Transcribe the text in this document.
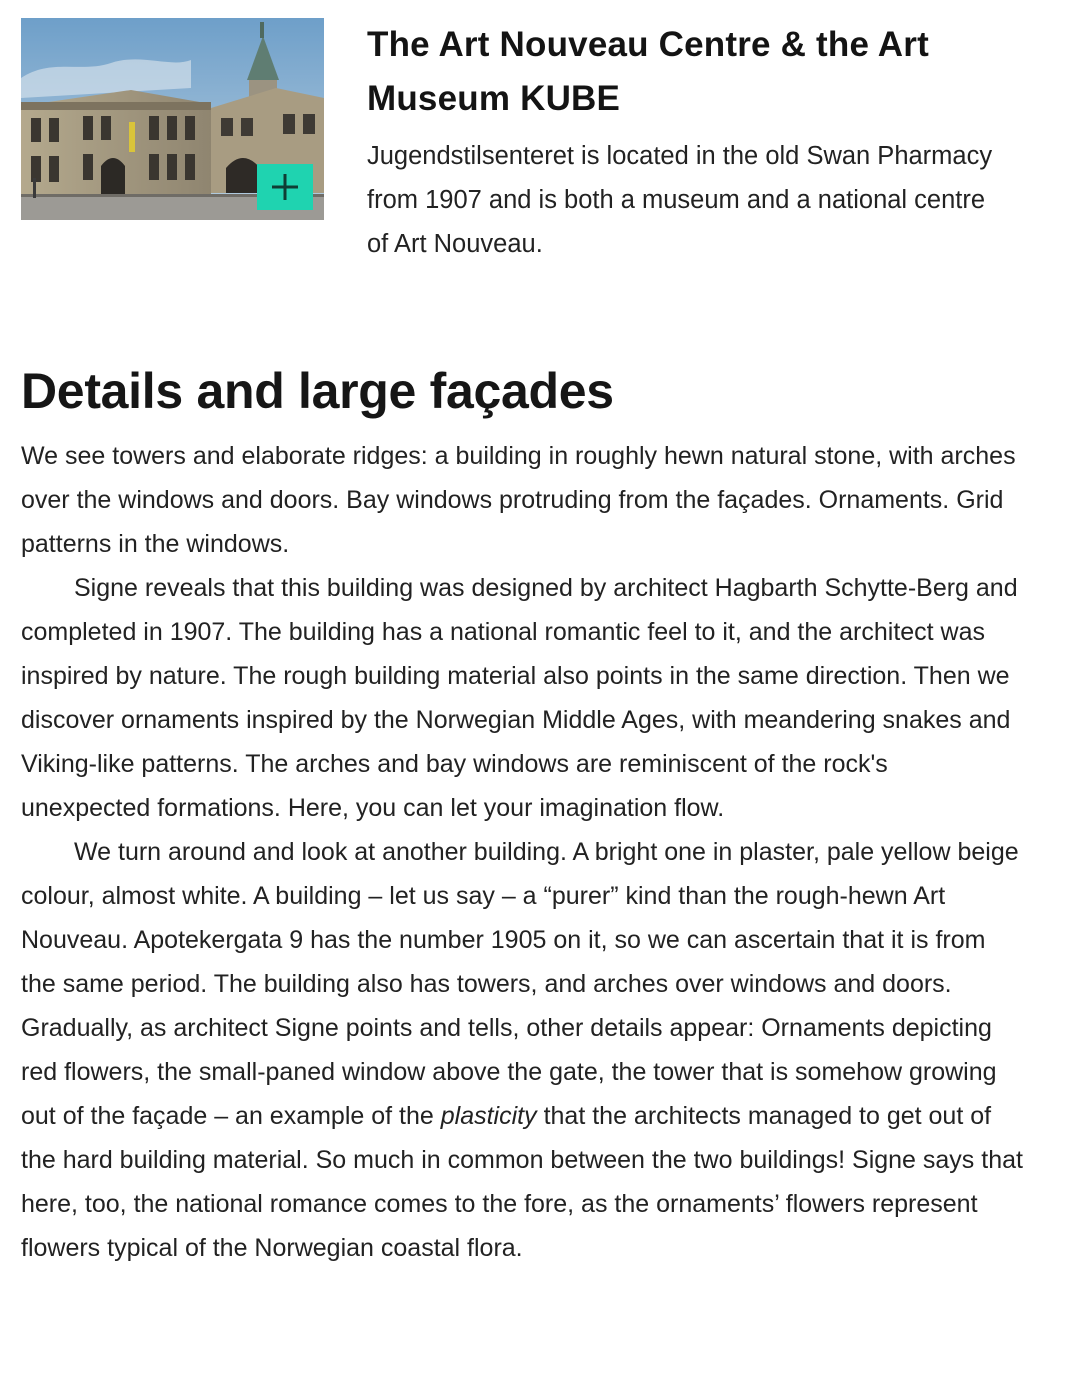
The Art Nouveau Centre & the Art Museum KUBE

Jugendstilsenteret is located in the old Swan Pharmacy from 1907 and is both a museum and a national centre of Art Nouveau.

Details and large façades

We see towers and elaborate ridges: a building in roughly hewn natural stone, with arches over the windows and doors. Bay windows protruding from the façades. Ornaments. Grid patterns in the windows.

Signe reveals that this building was designed by architect Hagbarth Schytte-Berg and completed in 1907. The building has a national romantic feel to it, and the architect was inspired by nature. The rough building material also points in the same direction. Then we discover ornaments inspired by the Norwegian Middle Ages, with meandering snakes and Viking-like patterns. The arches and bay windows are reminiscent of the rock's unexpected formations. Here, you can let your imagination flow.

We turn around and look at another building. A bright one in plaster, pale yellow beige colour, almost white. A building – let us say – a “purer” kind than the rough-hewn Art Nouveau. Apotekergata 9 has the number 1905 on it, so we can ascertain that it is from the same period. The building also has towers, and arches over windows and doors. Gradually, as architect Signe points and tells, other details appear: Ornaments depicting red flowers, the small-paned window above the gate, the tower that is somehow growing out of the façade – an example of the plasticity that the architects managed to get out of the hard building material. So much in common between the two buildings! Signe says that here, too, the national romance comes to the fore, as the ornaments’ flowers represent flowers typical of the Norwegian coastal flora.
